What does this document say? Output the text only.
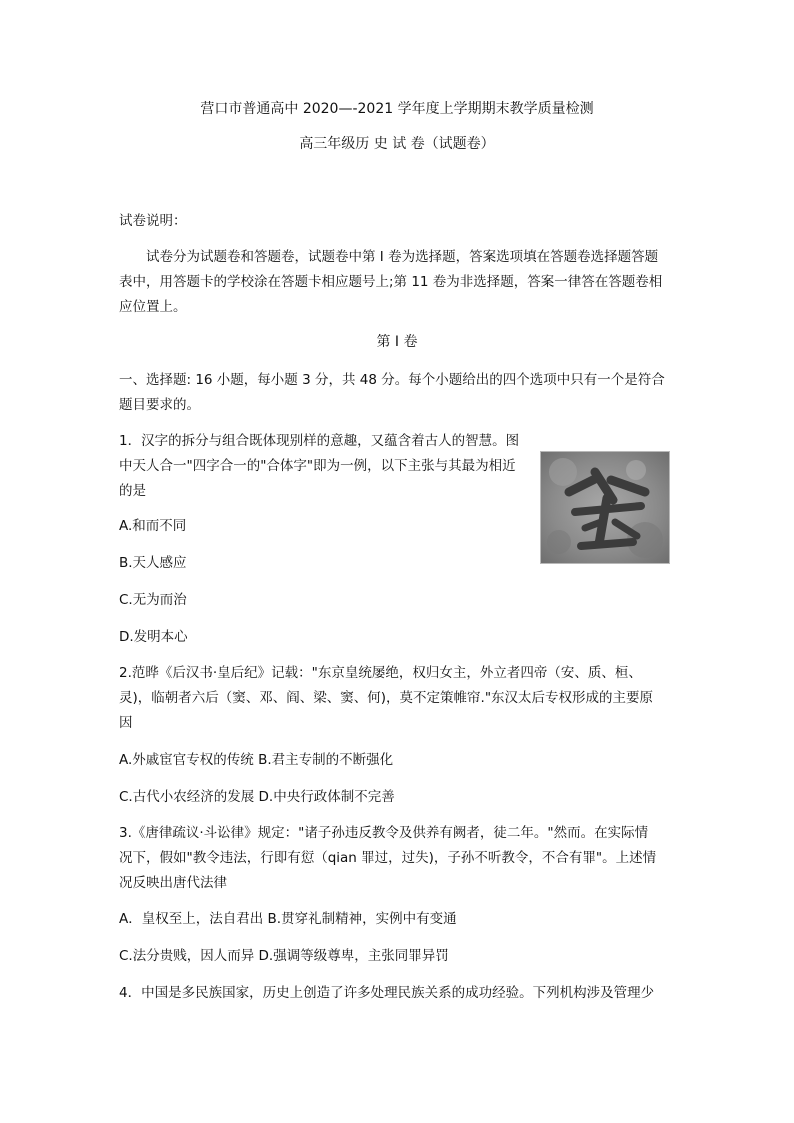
营口市普通高中 2020—-2021 学年度上学期期末教学质量检测
高三年级历 史 试 卷（试题卷）
试卷说明：
试卷分为试题卷和答题卷，试题卷中第 I 卷为选择题，答案选项填在答题卷选择题答题
表中，用答题卡的学校涂在答题卡相应题号上;第 11 卷为非选择题，答案一律答在答题卷相
应位置上。
第 I 卷
一、选择题: 16 小题，每小题 3 分，共 48 分。每个小题给出的四个选项中只有一个是符合
题目要求的。
1．汉字的拆分与组合既体现别样的意趣，又蕴含着古人的智慧。图
中天人合一"四字合一的"合体字"即为一例，以下主张与其最为相近
的是
A.和而不同
B.天人感应
C.无为而治
D.发明本心
2.范晔《后汉书·皇后纪》记载："东京皇统屡绝，权归女主，外立者四帝（安、质、桓、
灵)，临朝者六后（窦、邓、阎、梁、窦、何)，莫不定策帷帘."东汉太后专权形成的主要原
因
A.外戚宦官专权的传统 B.君主专制的不断强化
C.古代小农经济的发展 D.中央行政体制不完善
3.《唐律疏议·斗讼律》规定："诸子孙违反教令及供养有阙者，徒二年。"然而。在实际情
况下，假如"教令违法，行即有愆（qian 罪过，过失)，子孙不听教令，不合有罪"。上述情
况反映出唐代法律
A．皇权至上，法自君出 B.贯穿礼制精神，实例中有变通
C.法分贵贱，因人而异 D.强调等级尊卑，主张同罪异罚
4．中国是多民族国家，历史上创造了许多处理民族关系的成功经验。下列机构涉及管理少
